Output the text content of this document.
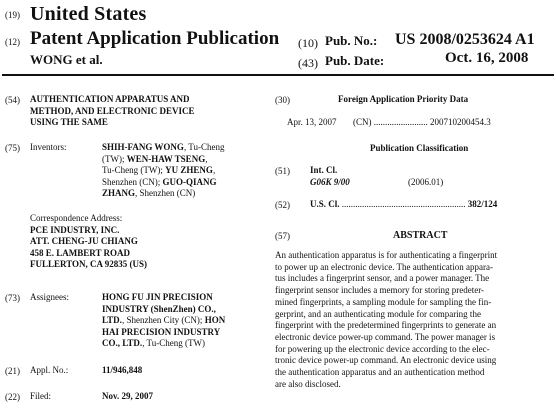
(19) United States
(12) Patent Application Publication
WONG et al.
(10) Pub. No.: US 2008/0253624 A1
(43) Pub. Date:	Oct. 16, 2008
(54) AUTHENTICATION APPARATUS AND
METHOD, AND ELECTRONIC DEVICE
USING THE SAME
(75) Inventors:	SHIH-FANG WONG, Tu-Cheng
(TW); WEN-HAW TSENG,
Tu-Cheng (TW); YU ZHENG,
Shenzhen (CN); GUO-QIANG
ZHANG, Shenzhen (CN)
Correspondence Address:
PCE INDUSTRY, INC.
ATT. CHENG-JU CHIANG
458 E. LAMBERT ROAD
FULLERTON, CA 92835 (US)
(73) Assignees:	HONG FU JIN PRECISION
INDUSTRY (ShenZhen) CO.,
LTD., Shenzhen City (CN); HON
HAI PRECISION INDUSTRY
CO., LTD., Tu-Cheng (TW)
(21) Appl. No.:	11/946,848
(22) Filed:	Nov. 29, 2007
(30)	Foreign Application Priority Data
Apr. 13, 2007 (CN) ........................ 200710200454.3
Publication Classification
(51) Int. Cl.
G06K 9/00	(2006.01)
(52) U.S. Cl. ....................................................... 382/124
(57)	ABSTRACT
An authentication apparatus is for authenticating a fingerprint
to power up an electronic device. The authentication appara-
tus includes a fingerprint sensor, and a power manager. The
fingerprint sensor includes a memory for storing predeter-
mined fingerprints, a sampling module for sampling the fin-
gerprint, and an authenticating module for comparing the
fingerprint with the predetermined fingerprints to generate an
electronic device power-up command. The power manager is
for powering up the electronic device according to the elec-
tronic device power-up command. An electronic device using
the authentication apparatus and an authentication method
are also disclosed.
